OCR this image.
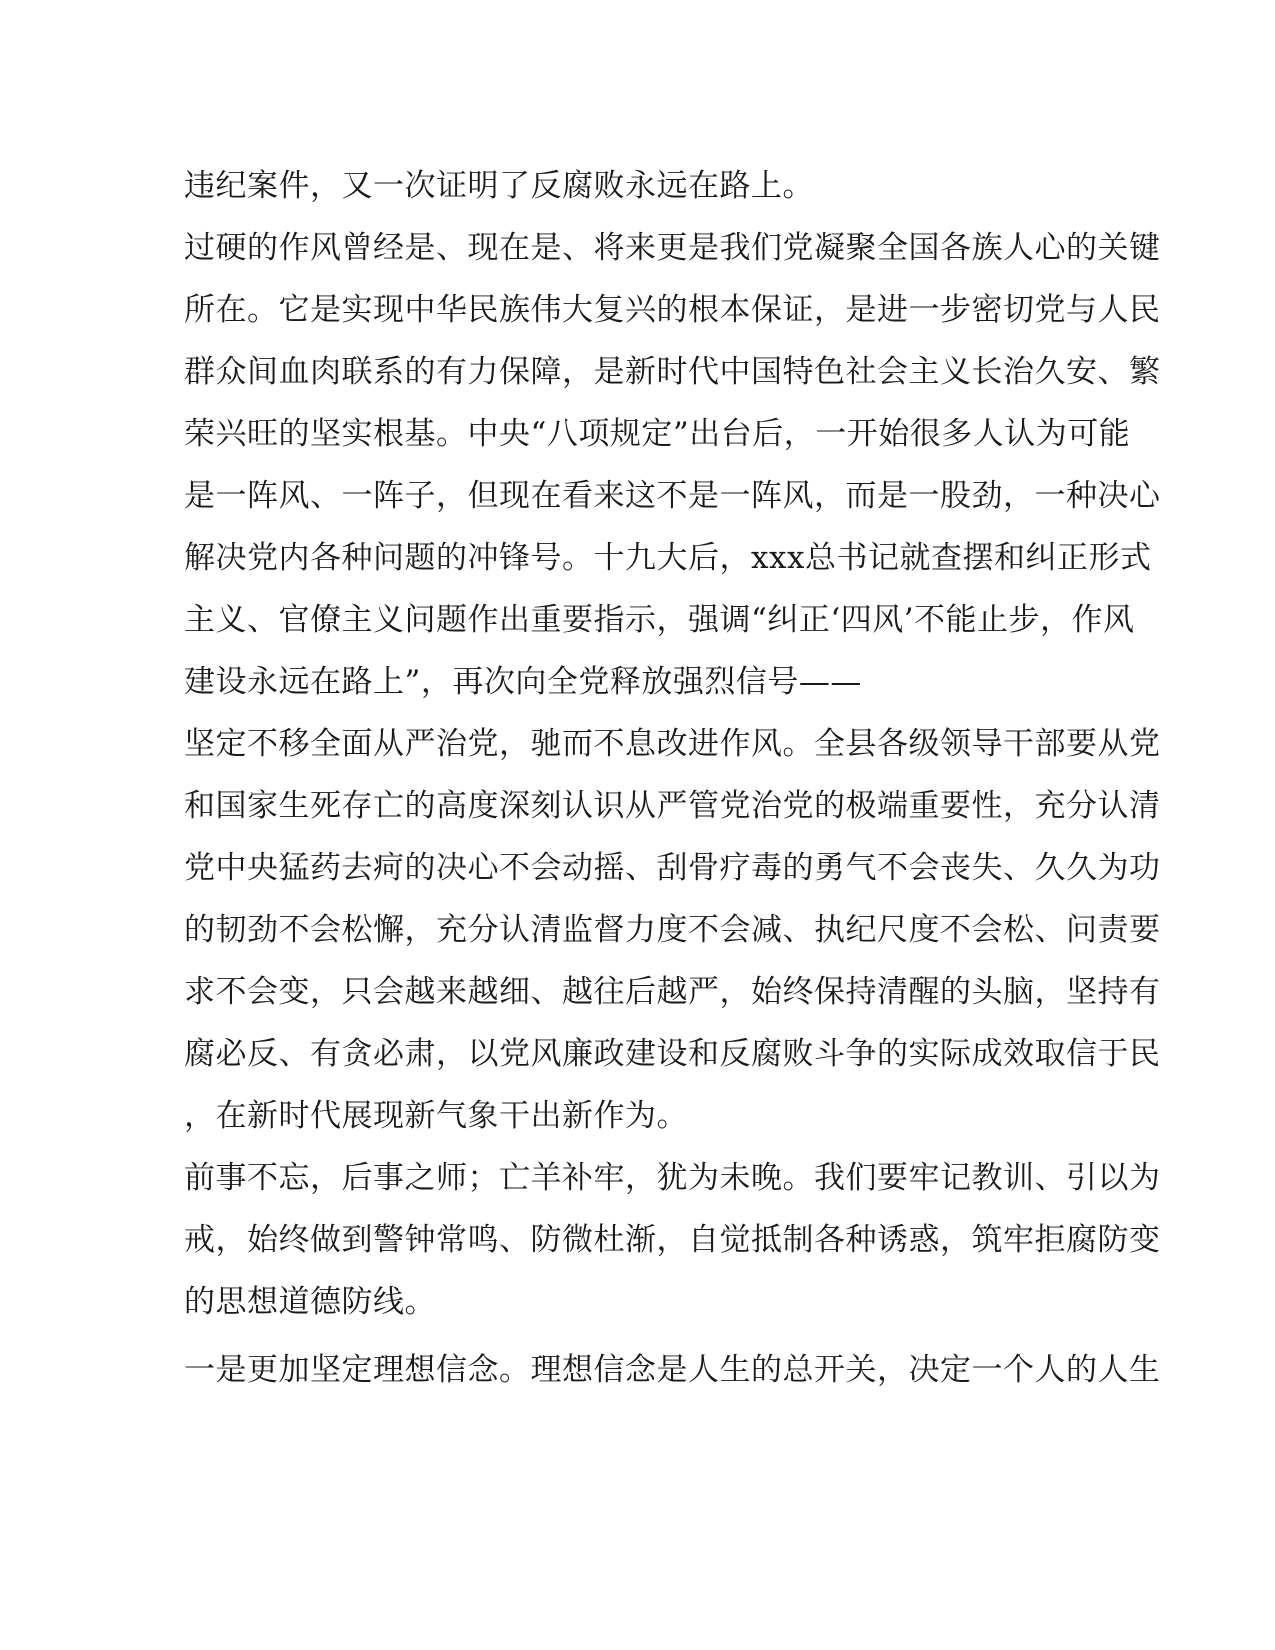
违纪案件，又一次证明了反腐败永远在路上。

过硬的作风曾经是、现在是、将来更是我们党凝聚全国各族人心的关键

所在。它是实现中华民族伟大复兴的根本保证，是进一步密切党与人民

群众间血肉联系的有力保障，是新时代中国特色社会主义长治久安、繁

荣兴旺的坚实根基。中央“八项规定”出台后，一开始很多人认为可能

是一阵风、一阵子，但现在看来这不是一阵风，而是一股劲，一种决心

解决党内各种问题的冲锋号。十九大后，xxx总书记就查摆和纠正形式

主义、官僚主义问题作出重要指示，强调“纠正‘四风’不能止步，作风

建设永远在路上”，再次向全党释放强烈信号——

坚定不移全面从严治党，驰而不息改进作风。全县各级领导干部要从党

和国家生死存亡的高度深刻认识从严管党治党的极端重要性，充分认清

党中央猛药去疴的决心不会动摇、刮骨疗毒的勇气不会丧失、久久为功

的韧劲不会松懈，充分认清监督力度不会减、执纪尺度不会松、问责要

求不会变，只会越来越细、越往后越严，始终保持清醒的头脑，坚持有

腐必反、有贪必肃，以党风廉政建设和反腐败斗争的实际成效取信于民

，在新时代展现新气象干出新作为。

前事不忘，后事之师；亡羊补牢，犹为未晚。我们要牢记教训、引以为

戒，始终做到警钟常鸣、防微杜渐，自觉抵制各种诱惑，筑牢拒腐防变

的思想道德防线。

一是更加坚定理想信念。理想信念是人生的总开关，决定一个人的人生
